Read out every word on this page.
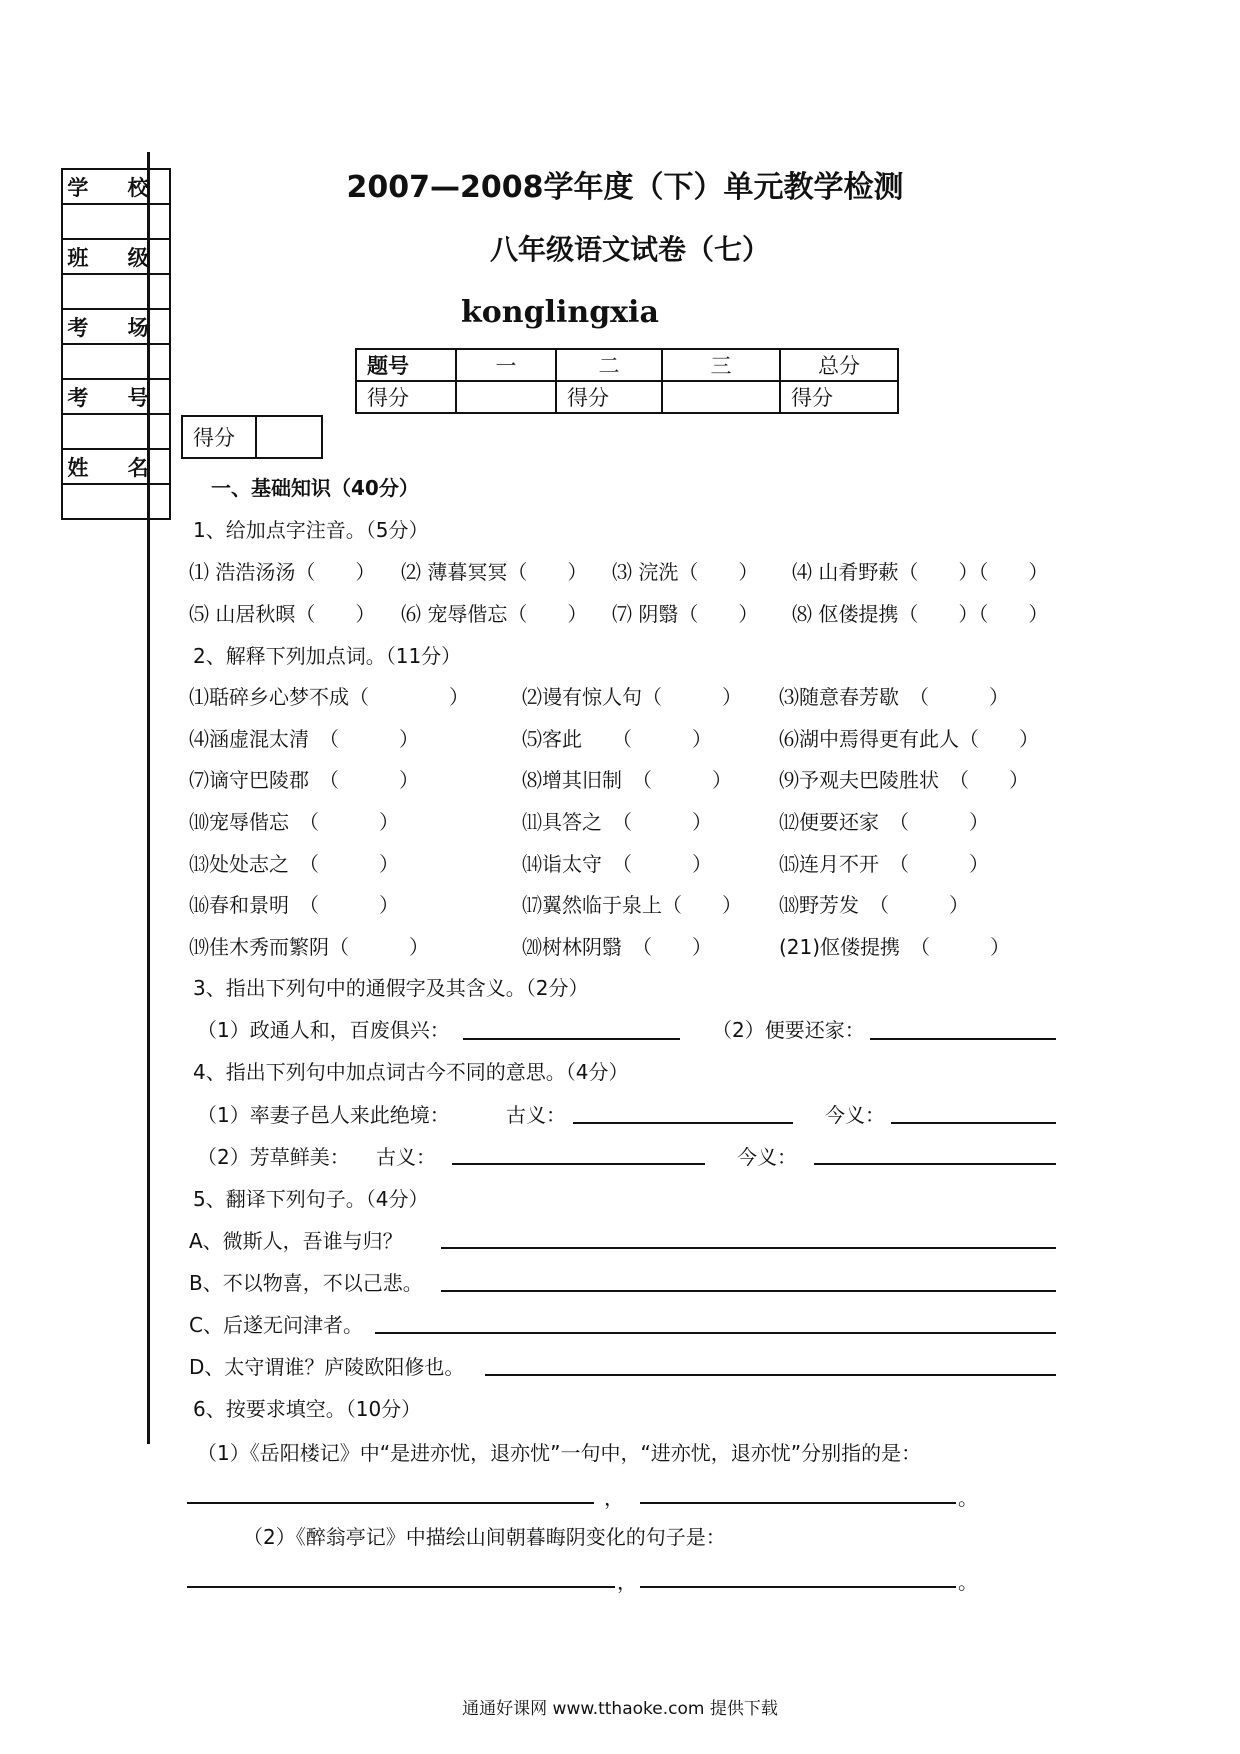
学 校

班 级

考 场

考 号

姓 名

2007—2008学年度（下）单元教学检测
八年级语文试卷（七）
konglingxia
题号	一	二	三	总分
得分		得分		得分
得分	
一、基础知识（40分）
1、给加点字注音。（5分）
⑴ 浩浩汤汤（　　） ⑵ 薄暮冥冥（　　） ⑶ 浣洗（　　） ⑷ 山肴野蔌（　　）（　　）
⑸ 山居秋暝（　　） ⑹ 宠辱偕忘（　　） ⑺ 阴翳（　　） ⑻ 伛偻提携（　　）（　　）
2、解释下列加点词。（11分）
⑴聒碎乡心梦不成（　　　　）	⑵谩有惊人句（　　　） ⑶随意春芳歇　（　　　）
⑷涵虚混太清　（　　　）	⑸客此　　（　　　）	⑹湖中焉得更有此人（　　）
⑺谪守巴陵郡　（　　　）	⑻增其旧制　（　　　） ⑼予观夫巴陵胜状　（　　）
⑽宠辱偕忘　（　　　）	⑾具答之　（　　　）	⑿便要还家　（　　　）
⒀处处志之　（　　　）	⒁诣太守　（　　　）	⒂连月不开　（　　　）
⒃春和景明　（　　　）	⒄翼然临于泉上（　　） ⒅野芳发　（　　　）
⒆佳木秀而繁阴（　　　）	⒇树林阴翳　（　　）	(21)伛偻提携　（　　　）
3、指出下列句中的通假字及其含义。（2分）
（1）政通人和，百废俱兴：	（2）便要还家：
4、指出下列句中加点词古今不同的意思。（4分）
（1）率妻子邑人来此绝境：	古义：	今义：
（2）芳草鲜美： 古义：	今义：
5、翻译下列句子。（4分）
A、微斯人，吾谁与归？
B、不以物喜，不以己悲。
C、后遂无问津者。
D、太守谓谁？庐陵欧阳修也。
6、按要求填空。（10分）
（1）《岳阳楼记》中“是进亦忧，退亦忧”一句中，“进亦忧，退亦忧”分别指的是：
，	。
（2）《醉翁亭记》中描绘山间朝暮晦阴变化的句子是：
，	。
通通好课网 www.tthaoke.com 提供下载
